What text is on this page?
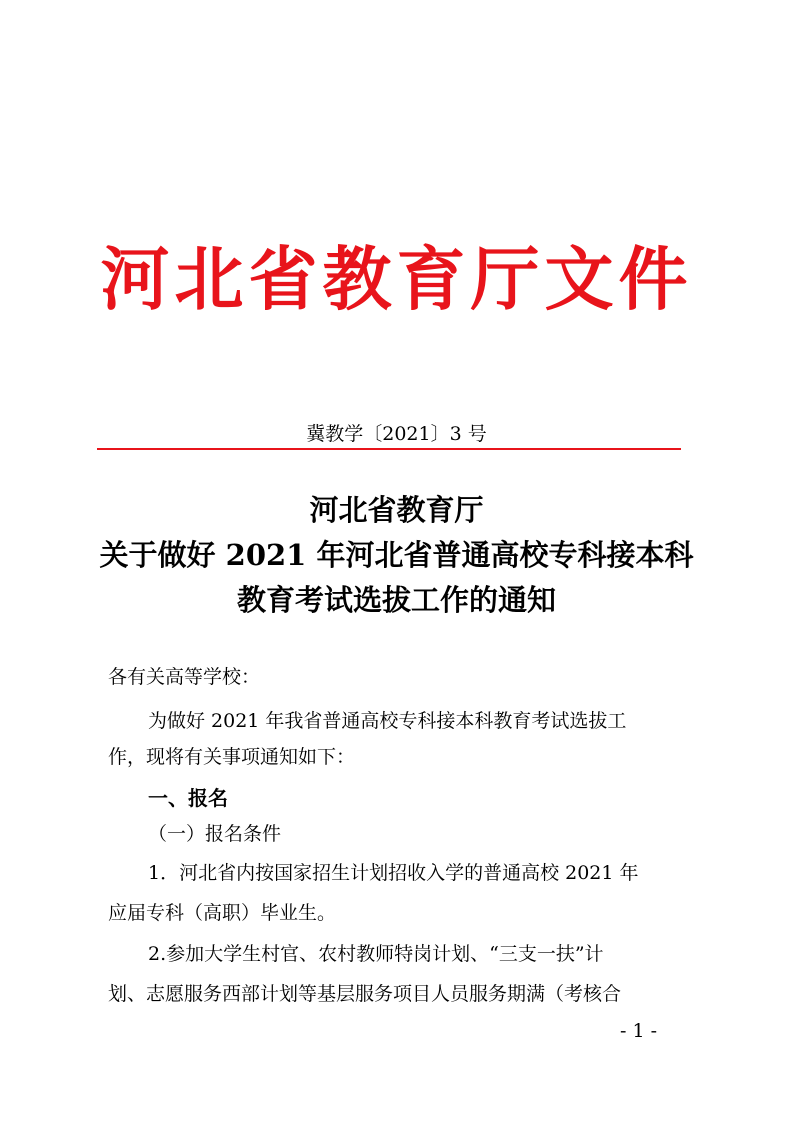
河北省教育厅文件
冀教学〔2021〕3 号
河北省教育厅
关于做好 2021 年河北省普通高校专科接本科
教育考试选拔工作的通知
各有关高等学校：
为做好 2021 年我省普通高校专科接本科教育考试选拔工
作，现将有关事项通知如下：
一、报名
（一）报名条件
1．河北省内按国家招生计划招收入学的普通高校 2021 年
应届专科（高职）毕业生。
2.参加大学生村官、农村教师特岗计划、“三支一扶”计
划、志愿服务西部计划等基层服务项目人员服务期满（考核合
- 1 -
